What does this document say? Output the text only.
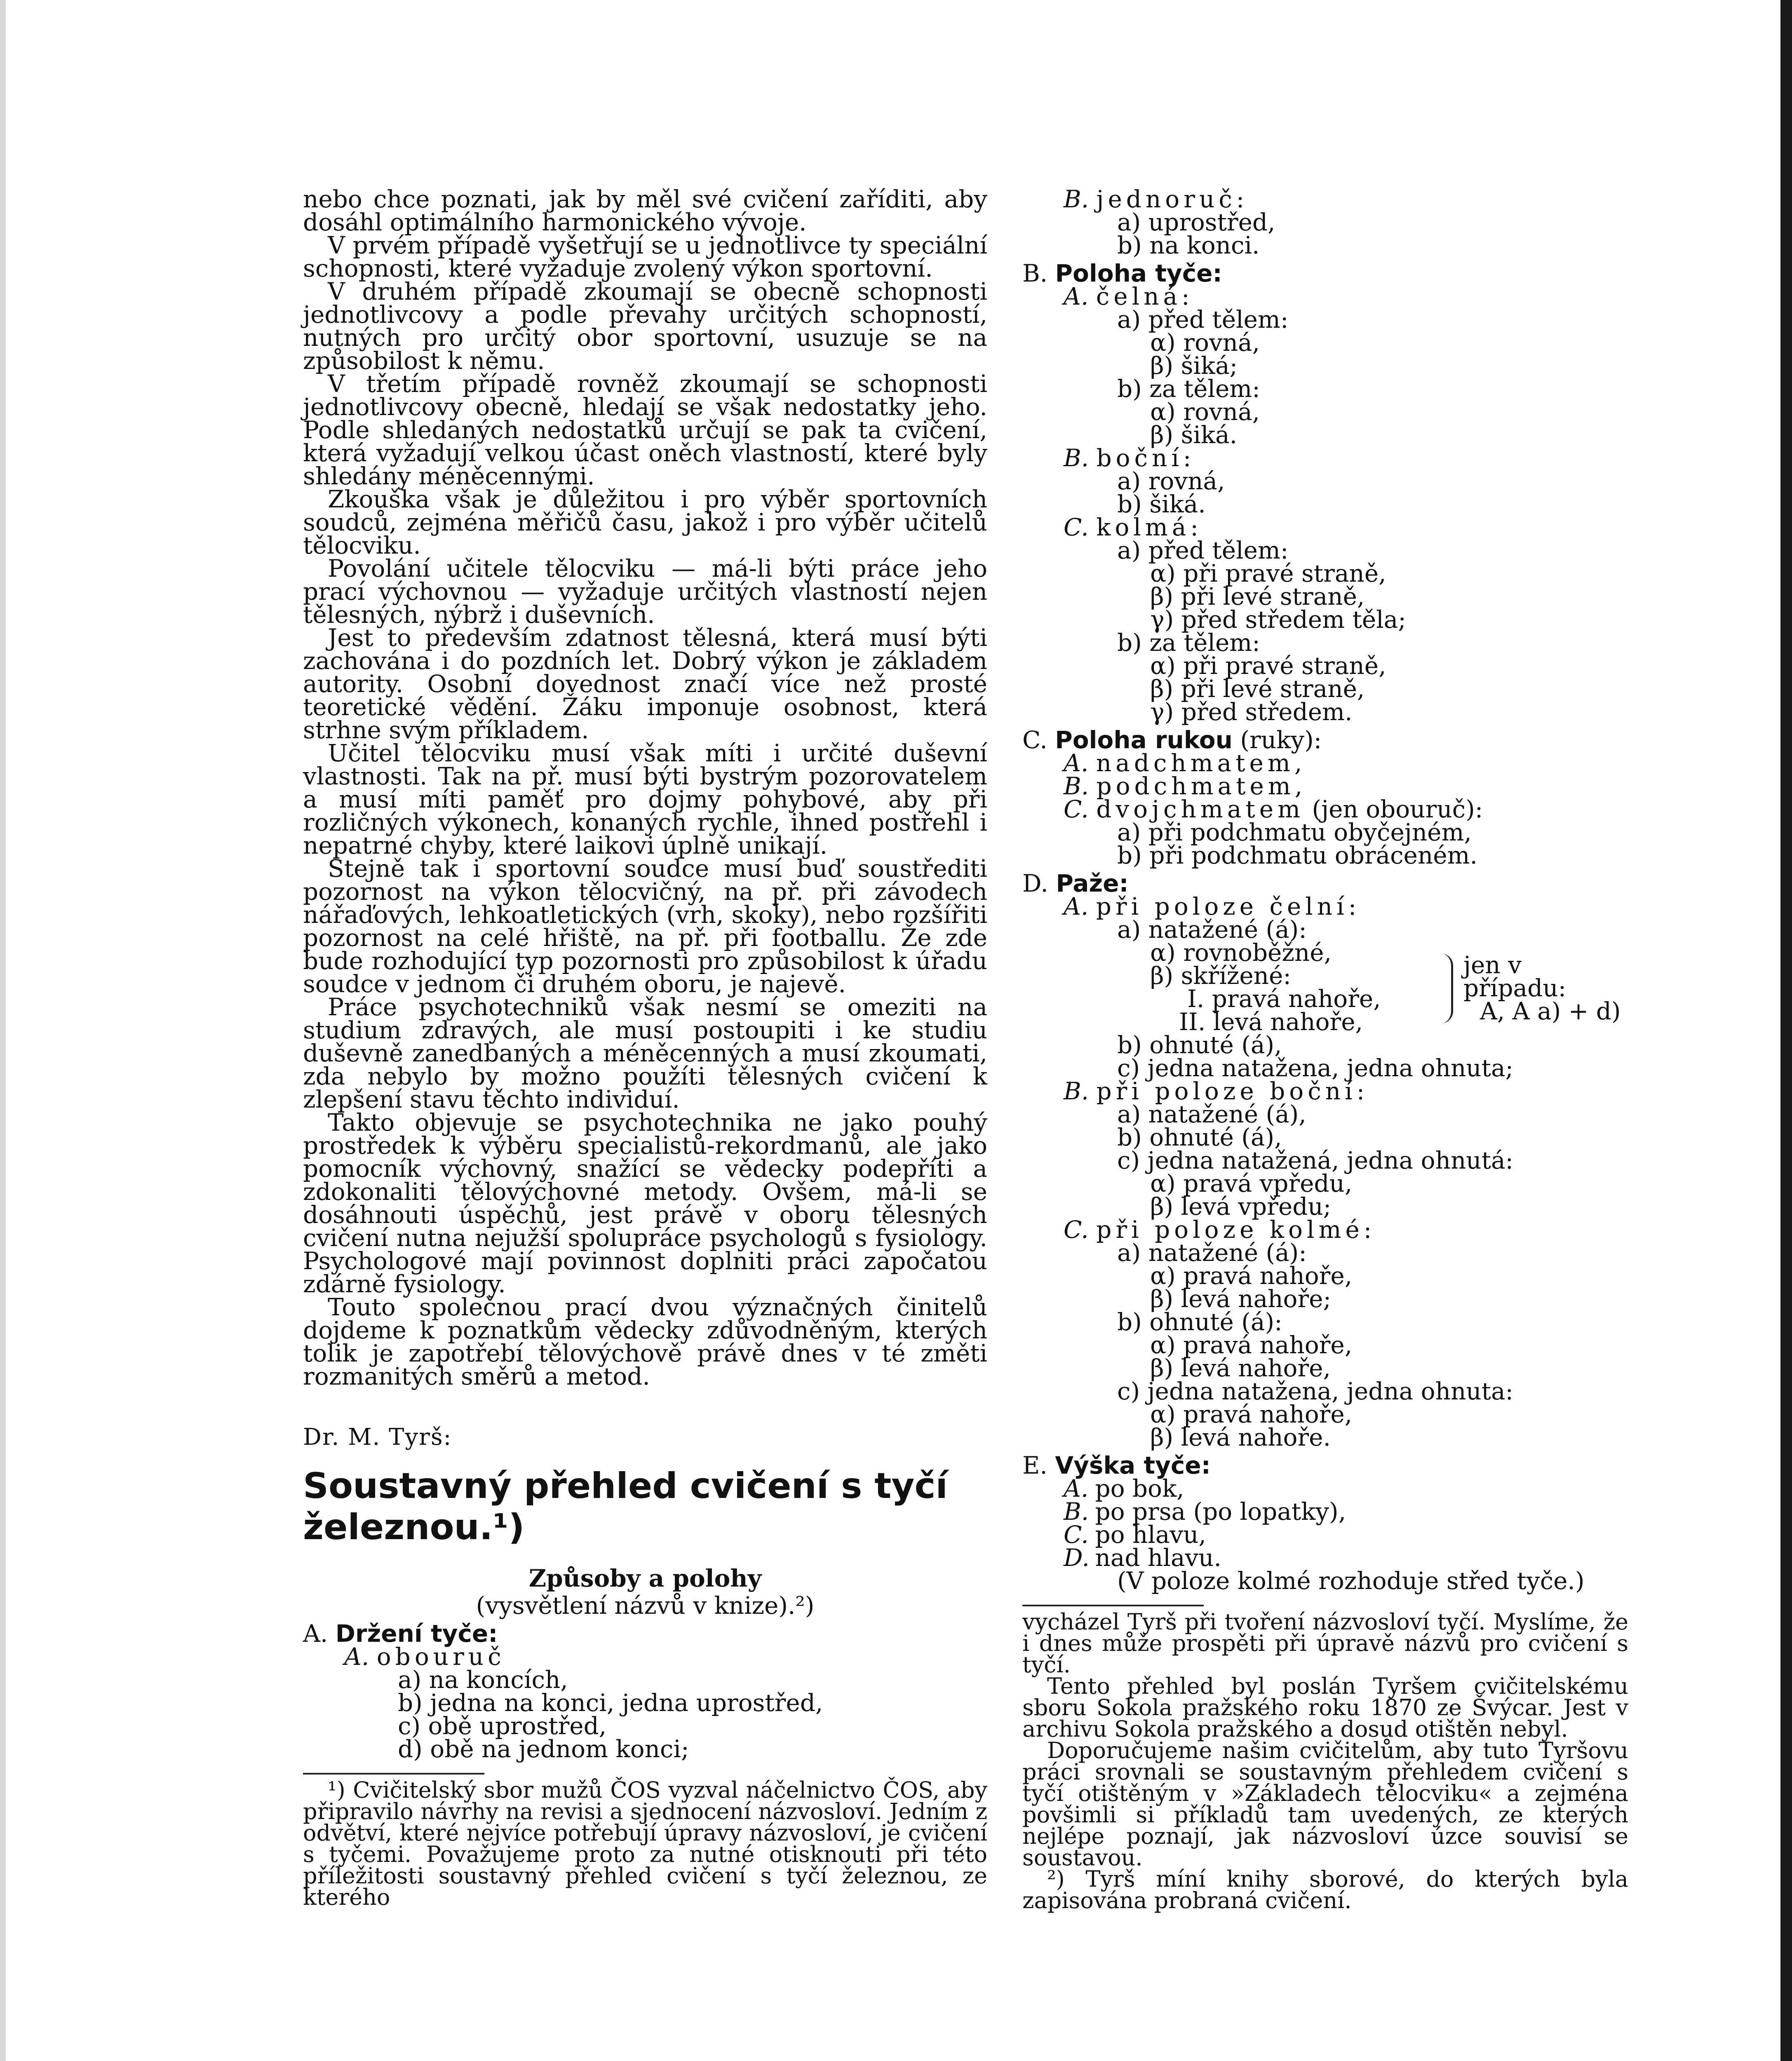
nebo chce poznati, jak by měl své cvičení zaříditi, aby dosáhl optimálního harmonického vývoje.

V prvém případě vyšetřují se u jednotlivce ty speciální schopnosti, které vyžaduje zvolený výkon sportovní.

V druhém případě zkoumají se obecně schopnosti jednotlivcovy a podle převahy určitých schopností, nutných pro určitý obor sportovní, usuzuje se na způsobilost k němu.

V třetím případě rovněž zkoumají se schopnosti jednotlivcovy obecně, hledají se však nedostatky jeho. Podle shledaných nedostatků určují se pak ta cvičení, která vyžadují velkou účast oněch vlastností, které byly shledány méněcennými.

Zkouška však je důležitou i pro výběr sportovních soudců, zejména měřičů času, jakož i pro výběr učitelů tělocviku.

Povolání učitele tělocviku — má-li býti práce jeho prací výchovnou — vyžaduje určitých vlastností nejen tělesných, nýbrž i duševních.

Jest to především zdatnost tělesná, která musí býti zachována i do pozdních let. Dobrý výkon je základem autority. Osobní dovednost značí více než prosté teoretické vědění. Žáku imponuje osobnost, která strhne svým příkladem.

Učitel tělocviku musí však míti i určité duševní vlastnosti. Tak na př. musí býti bystrým pozorovatelem a musí míti paměť pro dojmy pohybové, aby při rozličných výkonech, konaných rychle, ihned postřehl i nepatrné chyby, které laikovi úplně unikají.

Stejně tak i sportovní soudce musí buď soustřediti pozornost na výkon tělocvičný, na př. při závodech nářaďových, lehkoatletických (vrh, skoky), nebo rozšířiti pozornost na celé hřiště, na př. při footballu. Že zde bude rozhodující typ pozornosti pro způsobilost k úřadu soudce v jednom či druhém oboru, je najevě.

Práce psychotechniků však nesmí se omeziti na studium zdravých, ale musí postoupiti i ke studiu duševně zanedbaných a méněcenných a musí zkoumati, zda nebylo by možno použíti tělesných cvičení k zlepšení stavu těchto individuí.

Takto objevuje se psychotechnika ne jako pouhý prostředek k výběru specialistů-rekordmanů, ale jako pomocník výchovný, snažící se vědecky podepříti a zdokonaliti tělovýchovné metody. Ovšem, má-li se dosáhnouti úspěchů, jest právě v oboru tělesných cvičení nutna nejužší spolupráce psychologů s fysiology. Psychologové mají povinnost doplniti práci započatou zdárně fysiology.

Touto společnou prací dvou význačných činitelů dojdeme k poznatkům vědecky zdůvodněným, kterých tolik je zapotřebí tělovýchově právě dnes v té změti rozmanitých směrů a metod.

Dr. M. Tyrš:
Soustavný přehled cvičení s tyčí železnou.¹)
Způsoby a polohy
(vysvětlení názvů v knize).²)
A. Držení tyče:
A. obouruč
a) na koncích,
b) jedna na konci, jedna uprostřed,
c) obě uprostřed,
d) obě na jednom konci;

¹) Cvičitelský sbor mužů ČOS vyzval náčelnictvo ČOS, aby připravilo návrhy na revisi a sjednocení názvosloví. Jedním z odvětví, které nejvíce potřebují úpravy názvosloví, je cvičení s tyčemi. Považujeme proto za nutné otisknouti při této příležitosti soustavný přehled cvičení s tyčí železnou, ze kterého

B. jednoruč:
a) uprostřed,
b) na konci.
B. Poloha tyče:
A. čelná:
a) před tělem:
α) rovná,
β) šiká;
b) za tělem:
α) rovná,
β) šiká.
B. boční:
a) rovná,
b) šiká.
C. kolmá:
a) před tělem:
α) při pravé straně,
β) při levé straně,
γ) před středem těla;
b) za tělem:
α) při pravé straně,
β) při levé straně,
γ) před středem.
C. Poloha rukou (ruky):
A. nadchmatem,
B. podchmatem,
C. dvojchmatem (jen obouruč):
a) při podchmatu obyčejném,
b) při podchmatu obráceném.
D. Paže:
A. při poloze čelní:
a) natažené (á):
α) rovnoběžné,
β) skřížené:
I. pravá nahoře,
II. levá nahoře,
jen v případu:
A, A a) + d)
b) ohnuté (á),
c) jedna natažena, jedna ohnuta;
B. při poloze boční:
a) natažené (á),
b) ohnuté (á),
c) jedna natažená, jedna ohnutá:
α) pravá vpředu,
β) levá vpředu;
C. při poloze kolmé:
a) natažené (á):
α) pravá nahoře,
β) levá nahoře;
b) ohnuté (á):
α) pravá nahoře,
β) levá nahoře,
c) jedna natažena, jedna ohnuta:
α) pravá nahoře,
β) levá nahoře.
E. Výška tyče:
A. po bok,
B. po prsa (po lopatky),
C. po hlavu,
D. nad hlavu.
(V poloze kolmé rozhoduje střed tyče.)

vycházel Tyrš při tvoření názvosloví tyčí. Myslíme, že i dnes může prospěti při úpravě názvů pro cvičení s tyčí.

Tento přehled byl poslán Tyršem cvičitelskému sboru Sokola pražského roku 1870 ze Švýcar. Jest v archivu Sokola pražského a dosud otištěn nebyl.

Doporučujeme našim cvičitelům, aby tuto Tyršovu práci srovnali se soustavným přehledem cvičení s tyčí otištěným v »Základech tělocviku« a zejména povšimli si příkladů tam uvedených, ze kterých nejlépe poznají, jak názvosloví úzce souvisí se soustavou.

²) Tyrš míní knihy sborové, do kterých byla zapisována probraná cvičení.
